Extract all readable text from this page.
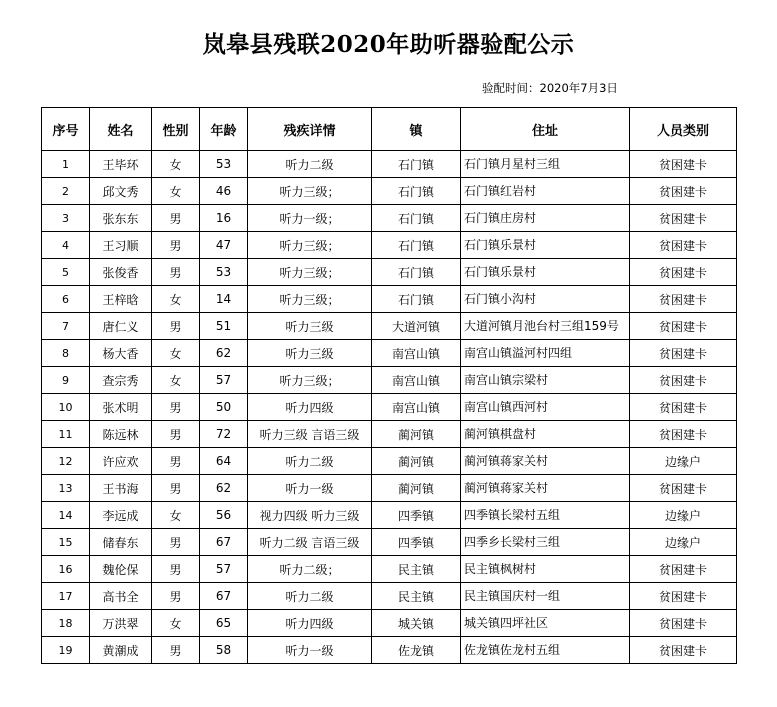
岚皋县残联2020年助听器验配公示
验配时间：2020年7月3日
序号	姓名	性别	年龄	残疾详情	镇	住址	人员类别
1	王毕环	女	53	听力二级	石门镇	石门镇月星村三组	贫困建卡
2	邱文秀	女	46	听力三级；	石门镇	石门镇红岩村	贫困建卡
3	张东东	男	16	听力一级；	石门镇	石门镇庄房村	贫困建卡
4	王习顺	男	47	听力三级；	石门镇	石门镇乐景村	贫困建卡
5	张俊香	男	53	听力三级；	石门镇	石门镇乐景村	贫困建卡
6	王梓晗	女	14	听力三级；	石门镇	石门镇小沟村	贫困建卡
7	唐仁义	男	51	听力三级	大道河镇	大道河镇月池台村三组159号	贫困建卡
8	杨大香	女	62	听力三级	南宫山镇	南宫山镇溢河村四组	贫困建卡
9	查宗秀	女	57	听力三级；	南宫山镇	南宫山镇宗梁村	贫困建卡
10	张术明	男	50	听力四级	南宫山镇	南宫山镇西河村	贫困建卡
11	陈远林	男	72	听力三级 言语三级	蔺河镇	蔺河镇棋盘村	贫困建卡
12	许应欢	男	64	听力二级	蔺河镇	蔺河镇蒋家关村	边缘户
13	王书海	男	62	听力一级	蔺河镇	蔺河镇蒋家关村	贫困建卡
14	李远成	女	56	视力四级 听力三级	四季镇	四季镇长梁村五组	边缘户
15	储春东	男	67	听力二级 言语三级	四季镇	四季乡长梁村三组	边缘户
16	魏伦保	男	57	听力二级；	民主镇	民主镇枫树村	贫困建卡
17	高书全	男	67	听力二级	民主镇	民主镇国庆村一组	贫困建卡
18	万洪翠	女	65	听力四级	城关镇	城关镇四坪社区	贫困建卡
19	黄潮成	男	58	听力一级	佐龙镇	佐龙镇佐龙村五组	贫困建卡
